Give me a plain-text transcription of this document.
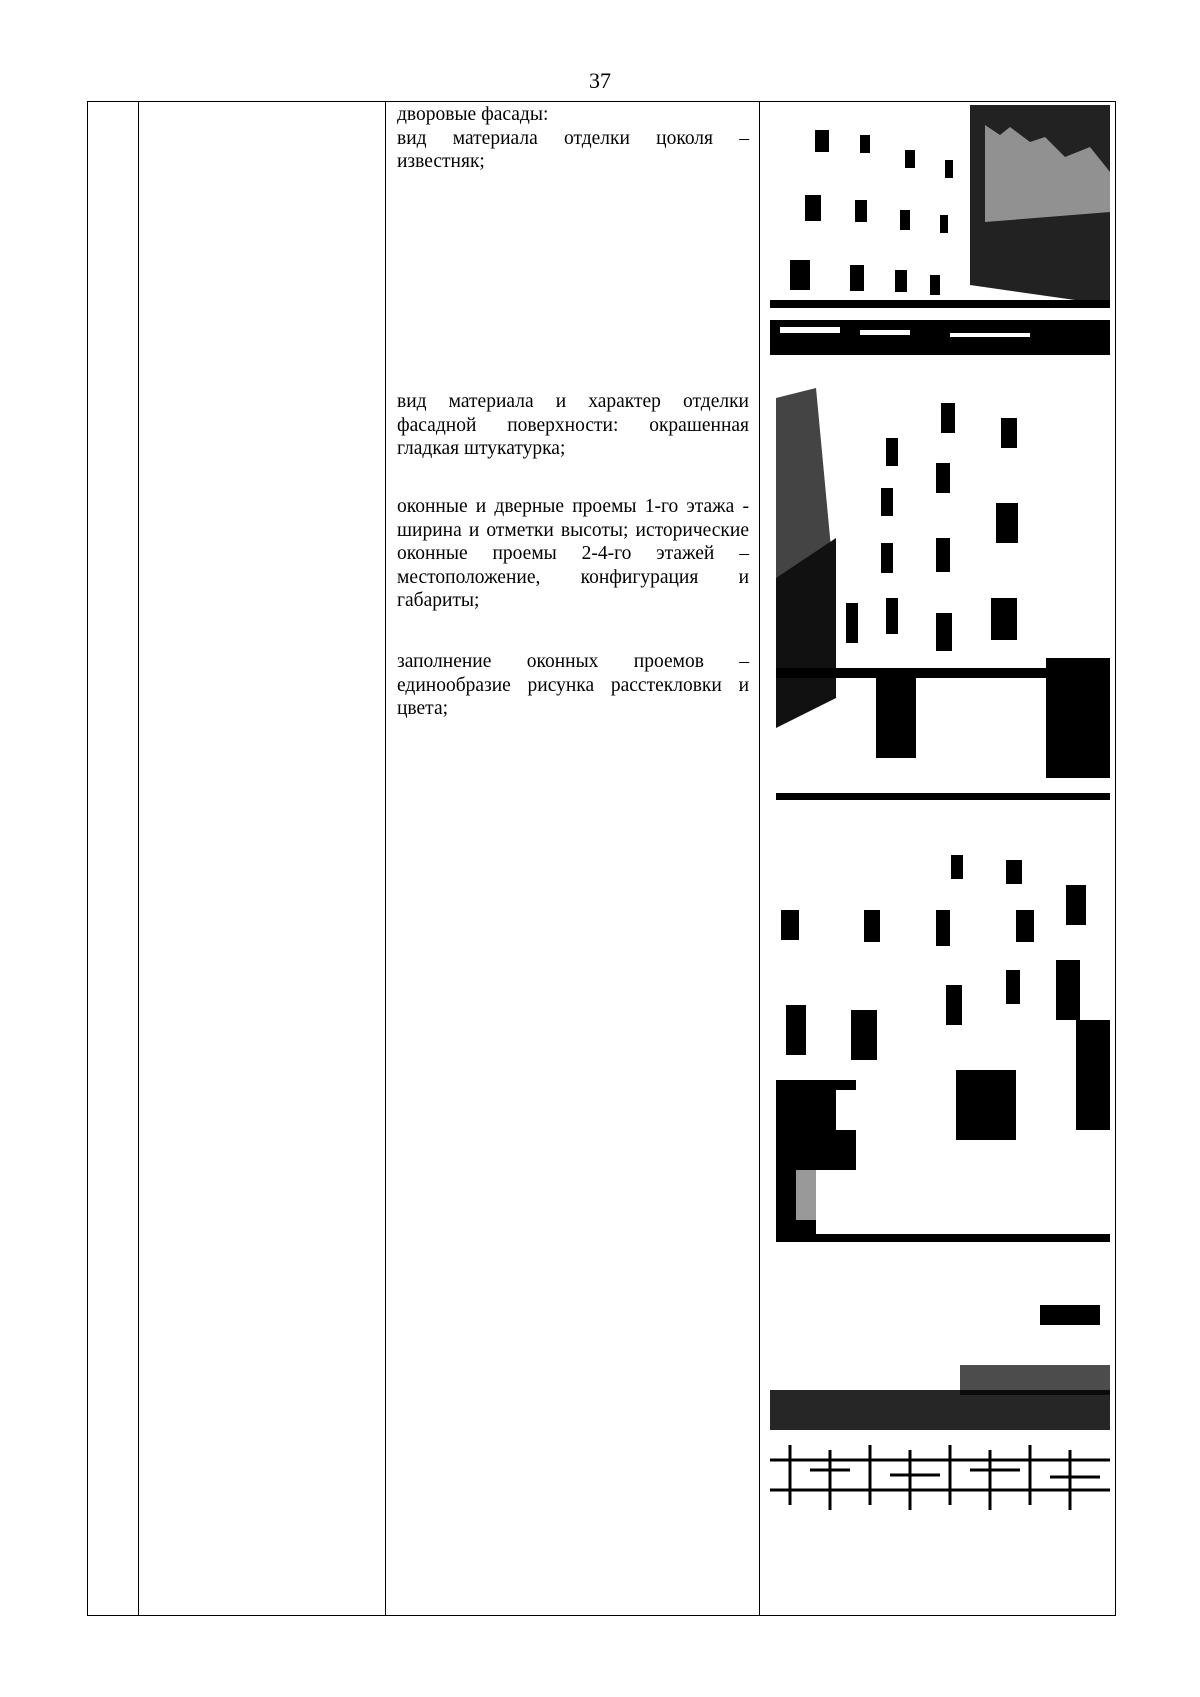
37

дворовые фасады:

вид материала отделки цоколя – известняк;

вид материала и характер отделки фасадной поверхности: окрашенная гладкая штукатурка;

оконные и дверные проемы 1-го этажа - ширина и отметки высоты; исторические оконные проемы 2-4-го этажей – местоположение, конфигурация и габариты;

заполнение оконных проемов – единообразие рисунка расстекловки и цвета;
